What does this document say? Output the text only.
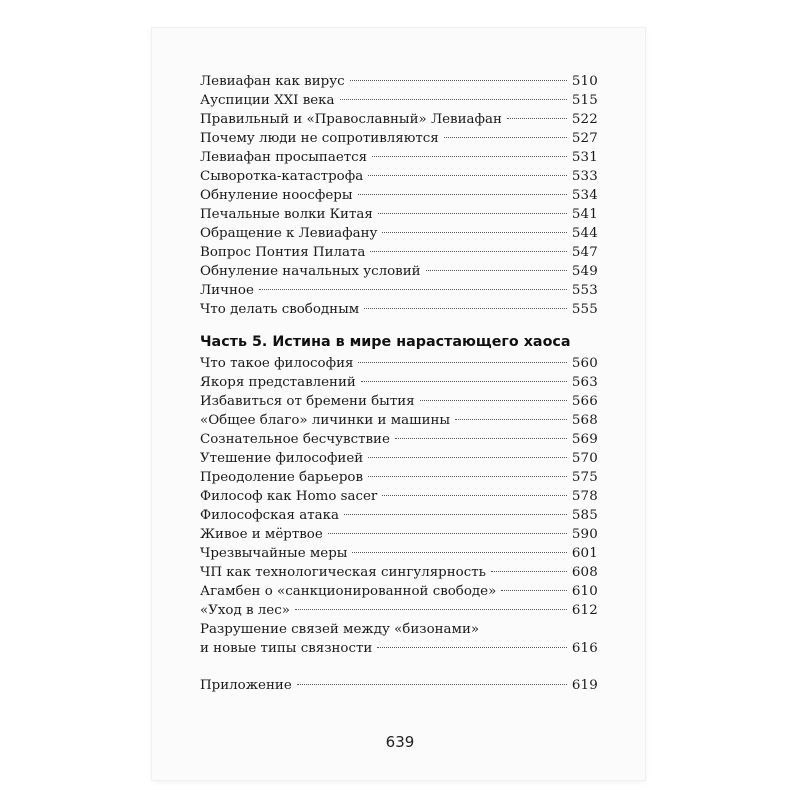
Левиафан как вирус	510
Ауспиции XXI века	515
Правильный и «Православный» Левиафан	522
Почему люди не сопротивляются	527
Левиафан просыпается	531
Сыворотка-катастрофа	533
Обнуление ноосферы	534
Печальные волки Китая	541
Обращение к Левиафану	544
Вопрос Понтия Пилата	547
Обнуление начальных условий	549
Личное	553
Что делать свободным	555
Часть 5. Истина в мире нарастающего хаоса
Что такое философия	560
Якоря представлений	563
Избавиться от бремени бытия	566
«Общее благо» личинки и машины	568
Сознательное бесчувствие	569
Утешение философией	570
Преодоление барьеров	575
Философ как Homo sacer	578
Философская атака	585
Живое и мёртвое	590
Чрезвычайные меры	601
ЧП как технологическая сингулярность	608
Агамбен о «санкционированной свободе»	610
«Уход в лес»	612
Разрушение связей между «бизонами»
и новые типы связности	616
Приложение	619
639
